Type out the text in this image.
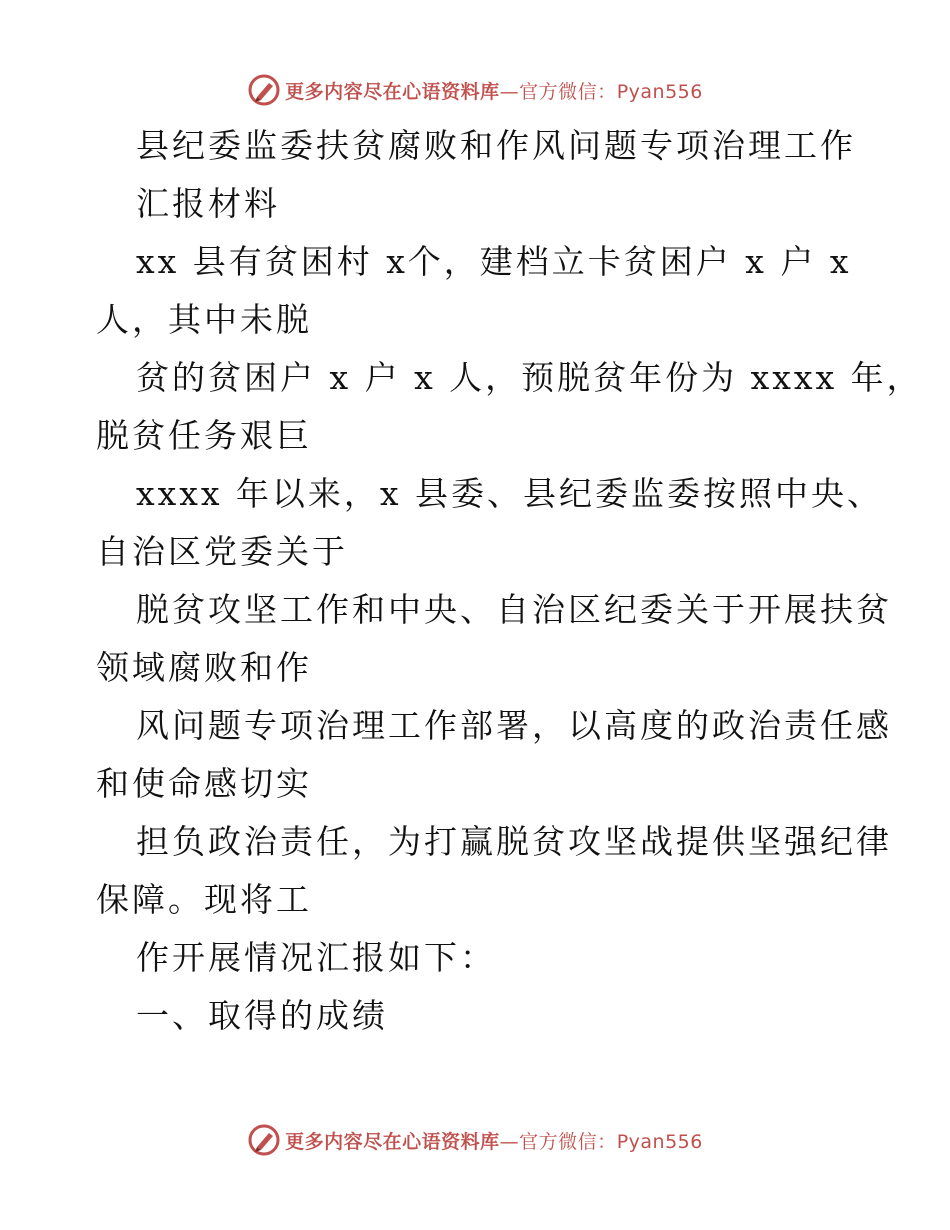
更多内容尽在心语资料库—官方微信：Pyan556
县纪委监委扶贫腐败和作风问题专项治理工作
汇报材料
xx 县有贫困村 x个，建档立卡贫困户 x 户 x
人，其中未脱
贫的贫困户 x 户 x 人，预脱贫年份为 xxxx 年，
脱贫任务艰巨
xxxx 年以来，x 县委、县纪委监委按照中央、
自治区党委关于
脱贫攻坚工作和中央、自治区纪委关于开展扶贫
领域腐败和作
风问题专项治理工作部署，以高度的政治责任感
和使命感切实
担负政治责任，为打赢脱贫攻坚战提供坚强纪律
保障。现将工
作开展情况汇报如下：
一、取得的成绩
更多内容尽在心语资料库—官方微信：Pyan556
